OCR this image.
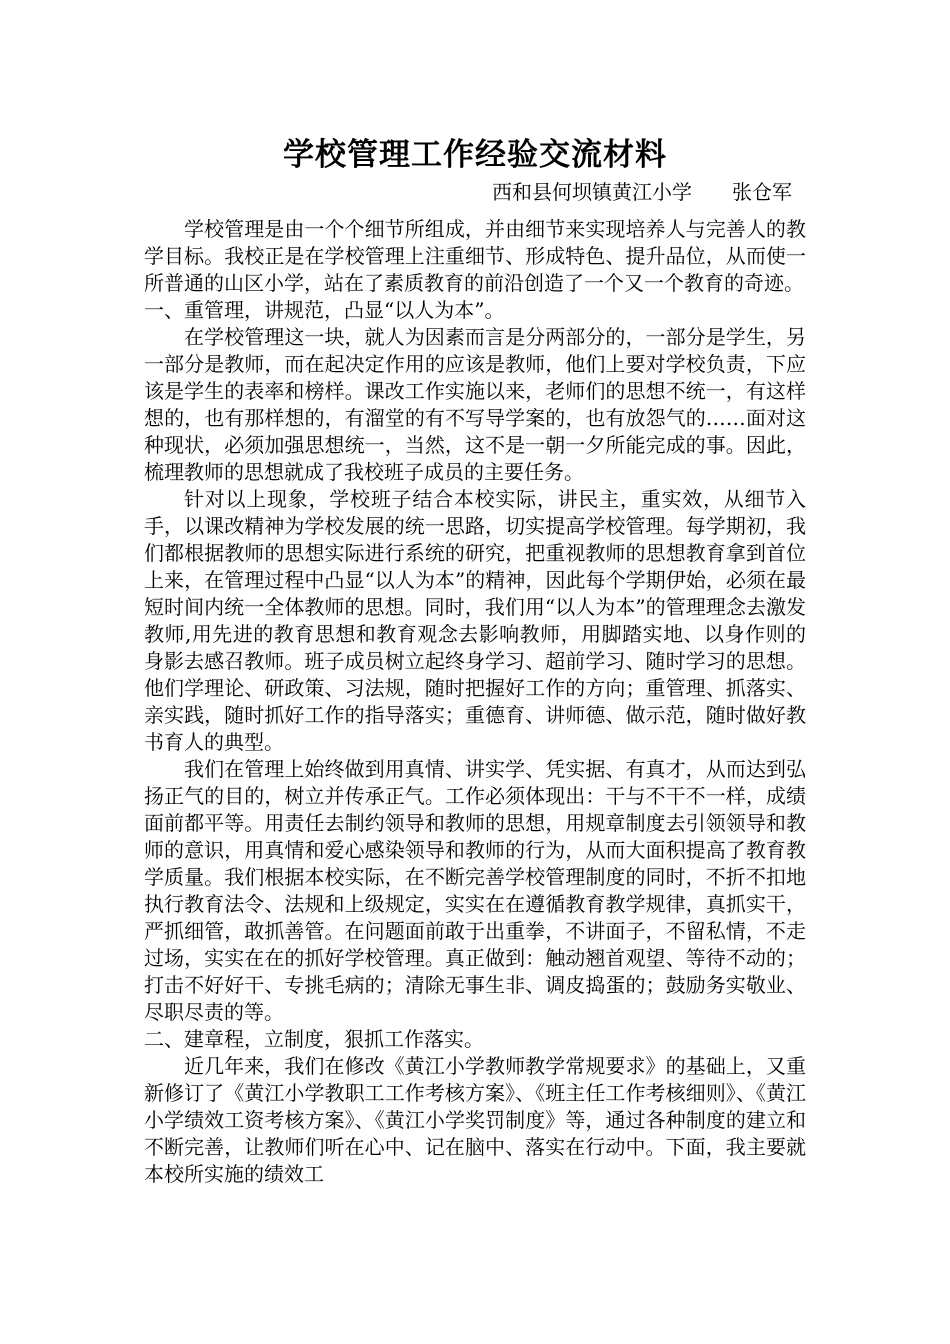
学校管理工作经验交流材料
西和县何坝镇黄江小学　　张仓军

学校管理是由一个个细节所组成，并由细节来实现培养人与完善人的教学目标。我校正是在学校管理上注重细节、形成特色、提升品位，从而使一所普通的山区小学，站在了素质教育的前沿创造了一个又一个教育的奇迹。

一、重管理，讲规范，凸显“以人为本”。

在学校管理这一块，就人为因素而言是分两部分的，一部分是学生，另一部分是教师，而在起决定作用的应该是教师，他们上要对学校负责，下应该是学生的表率和榜样。课改工作实施以来，老师们的思想不统一，有这样想的，也有那样想的，有溜堂的有不写导学案的，也有放怨气的……面对这种现状，必须加强思想统一，当然，这不是一朝一夕所能完成的事。因此，梳理教师的思想就成了我校班子成员的主要任务。

针对以上现象，学校班子结合本校实际，讲民主，重实效，从细节入手，以课改精神为学校发展的统一思路，切实提高学校管理。每学期初，我们都根据教师的思想实际进行系统的研究，把重视教师的思想教育拿到首位上来，在管理过程中凸显“以人为本”的精神，因此每个学期伊始，必须在最短时间内统一全体教师的思想。同时，我们用“以人为本”的管理理念去激发教师,用先进的教育思想和教育观念去影响教师，用脚踏实地、以身作则的身影去感召教师。班子成员树立起终身学习、超前学习、随时学习的思想。他们学理论、研政策、习法规，随时把握好工作的方向；重管理、抓落实、亲实践，随时抓好工作的指导落实；重德育、讲师德、做示范，随时做好教书育人的典型。

我们在管理上始终做到用真情、讲实学、凭实据、有真才，从而达到弘扬正气的目的，树立并传承正气。工作必须体现出：干与不干不一样，成绩面前都平等。用责任去制约领导和教师的思想，用规章制度去引领领导和教师的意识，用真情和爱心感染领导和教师的行为，从而大面积提高了教育教学质量。我们根据本校实际，在不断完善学校管理制度的同时，不折不扣地执行教育法令、法规和上级规定，实实在在遵循教育教学规律，真抓实干，严抓细管，敢抓善管。在问题面前敢于出重拳，不讲面子，不留私情，不走过场，实实在在的抓好学校管理。真正做到：触动翘首观望、等待不动的；打击不好好干、专挑毛病的；清除无事生非、调皮捣蛋的；鼓励务实敬业、尽职尽责的等。

二、建章程，立制度，狠抓工作落实。

近几年来，我们在修改《黄江小学教师教学常规要求》的基础上，又重新修订了《黄江小学教职工工作考核方案》、《班主任工作考核细则》、《黄江小学绩效工资考核方案》、《黄江小学奖罚制度》等，通过各种制度的建立和不断完善，让教师们听在心中、记在脑中、落实在行动中。下面，我主要就本校所实施的绩效工
